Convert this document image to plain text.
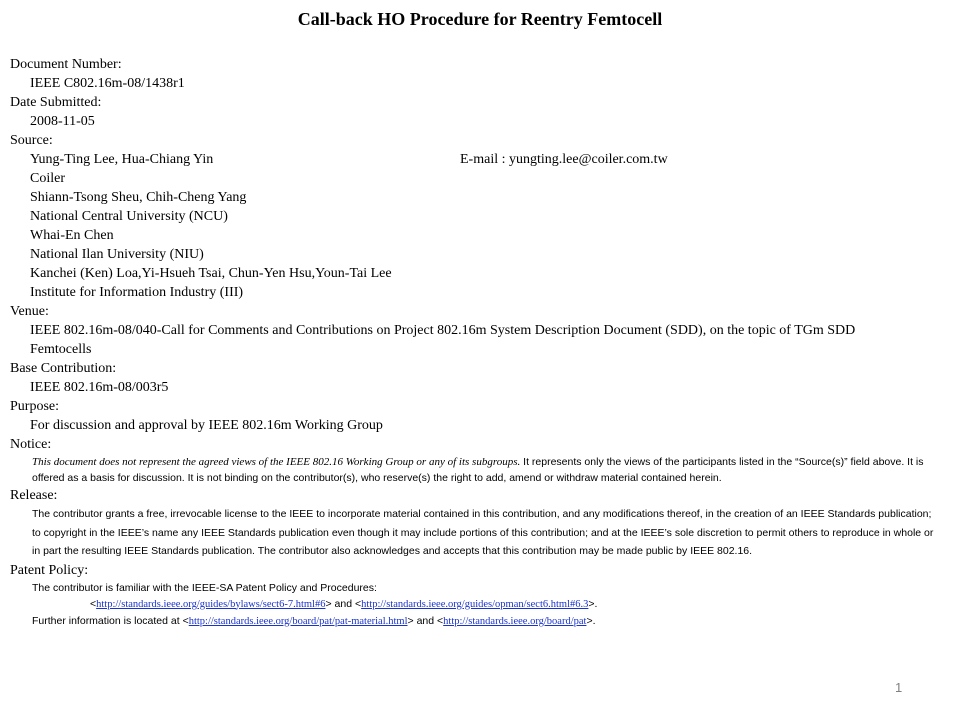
Call-back HO Procedure for Reentry Femtocell

Document Number:

IEEE C802.16m-08/1438r1

Date Submitted:

2008-11-05

Source:

Yung-Ting Lee, Hua-Chiang Yin	E-mail : yungting.lee@coiler.com.tw

Coiler

Shiann-Tsong Sheu, Chih-Cheng Yang

National Central University (NCU)

Whai-En Chen

National Ilan University (NIU)

Kanchei (Ken) Loa,Yi-Hsueh Tsai, Chun-Yen Hsu,Youn-Tai Lee

Institute for Information Industry (III)

Venue:

IEEE 802.16m-08/040-Call for Comments and Contributions on Project 802.16m System Description Document (SDD), on the topic of TGm SDD Femtocells

Base Contribution:

IEEE 802.16m-08/003r5

Purpose:

For discussion and approval by IEEE 802.16m Working Group

Notice:

This document does not represent the agreed views of the IEEE 802.16 Working Group or any of its subgroups. It represents only the views of the participants listed in the “Source(s)” field above. It is offered as a basis for discussion. It is not binding on the contributor(s), who reserve(s) the right to add, amend or withdraw material contained herein.

Release:

The contributor grants a free, irrevocable license to the IEEE to incorporate material contained in this contribution, and any modifications thereof, in the creation of an IEEE Standards publication; to copyright in the IEEE’s name any IEEE Standards publication even though it may include portions of this contribution; and at the IEEE’s sole discretion to permit others to reproduce in whole or in part the resulting IEEE Standards publication. The contributor also acknowledges and accepts that this contribution may be made public by IEEE 802.16.

Patent Policy:

The contributor is familiar with the IEEE-SA Patent Policy and Procedures:

<http://standards.ieee.org/guides/bylaws/sect6-7.html#6> and <http://standards.ieee.org/guides/opman/sect6.html#6.3>.

Further information is located at <http://standards.ieee.org/board/pat/pat-material.html> and <http://standards.ieee.org/board/pat>.

1
